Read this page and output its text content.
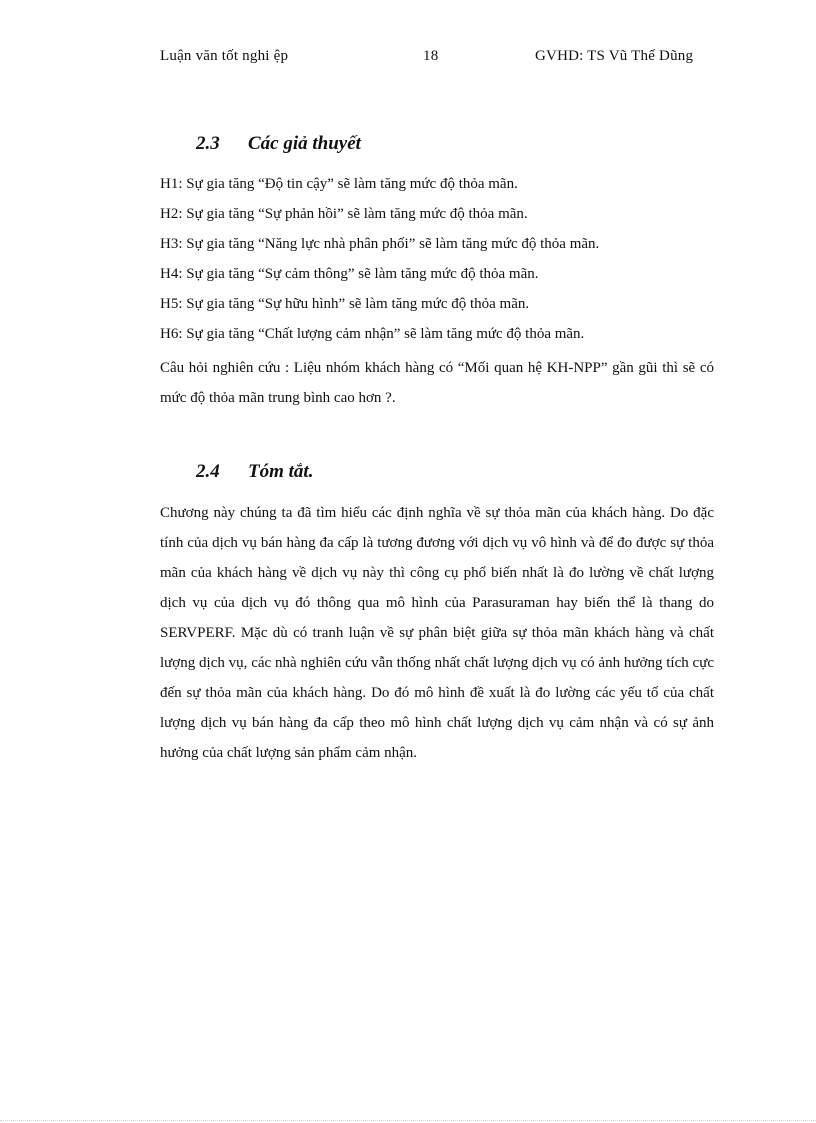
Luận văn tốt nghi ệp	18	GVHD: TS Vũ Thế Dũng
2.3 Các giả thuyết
H1: Sự gia tăng “Độ tin cậy” sẽ làm tăng mức độ thỏa mãn.
H2: Sự gia tăng “Sự phản hồi” sẽ làm tăng mức độ thỏa mãn.
H3: Sự gia tăng “Năng lực nhà phân phối” sẽ làm tăng mức độ thỏa mãn.
H4: Sự gia tăng “Sự cảm thông” sẽ làm tăng mức độ thỏa mãn.
H5: Sự gia tăng “Sự hữu hình” sẽ làm tăng mức độ thỏa mãn.
H6: Sự gia tăng “Chất lượng cảm nhận” sẽ làm tăng mức độ thỏa mãn.

Câu hỏi nghiên cứu : Liệu nhóm khách hàng có “Mối quan hệ KH-NPP” gần gũi thì sẽ có mức độ thỏa mãn trung bình cao hơn ?.

2.4 Tóm tắt.

Chương này chúng ta đã tìm hiểu các định nghĩa về sự thỏa mãn của khách hàng. Do đặc tính của dịch vụ bán hàng đa cấp là tương đương với dịch vụ vô hình và để đo được sự thỏa mãn của khách hàng về dịch vụ này thì công cụ phổ biến nhất là đo lường về chất lượng dịch vụ của dịch vụ đó thông qua mô hình của Parasuraman hay biến thể là thang do SERVPERF. Mặc dù có tranh luận về sự phân biệt giữa sự thỏa mãn khách hàng và chất lượng dịch vụ, các nhà nghiên cứu vẫn thống nhất chất lượng dịch vụ có ảnh hưởng tích cực đến sự thỏa mãn của khách hàng. Do đó mô hình đề xuất là đo lường các yếu tố của chất lượng dịch vụ bán hàng đa cấp theo mô hình chất lượng dịch vụ cảm nhận và có sự ảnh hưởng của chất lượng sản phẩm cảm nhận.
